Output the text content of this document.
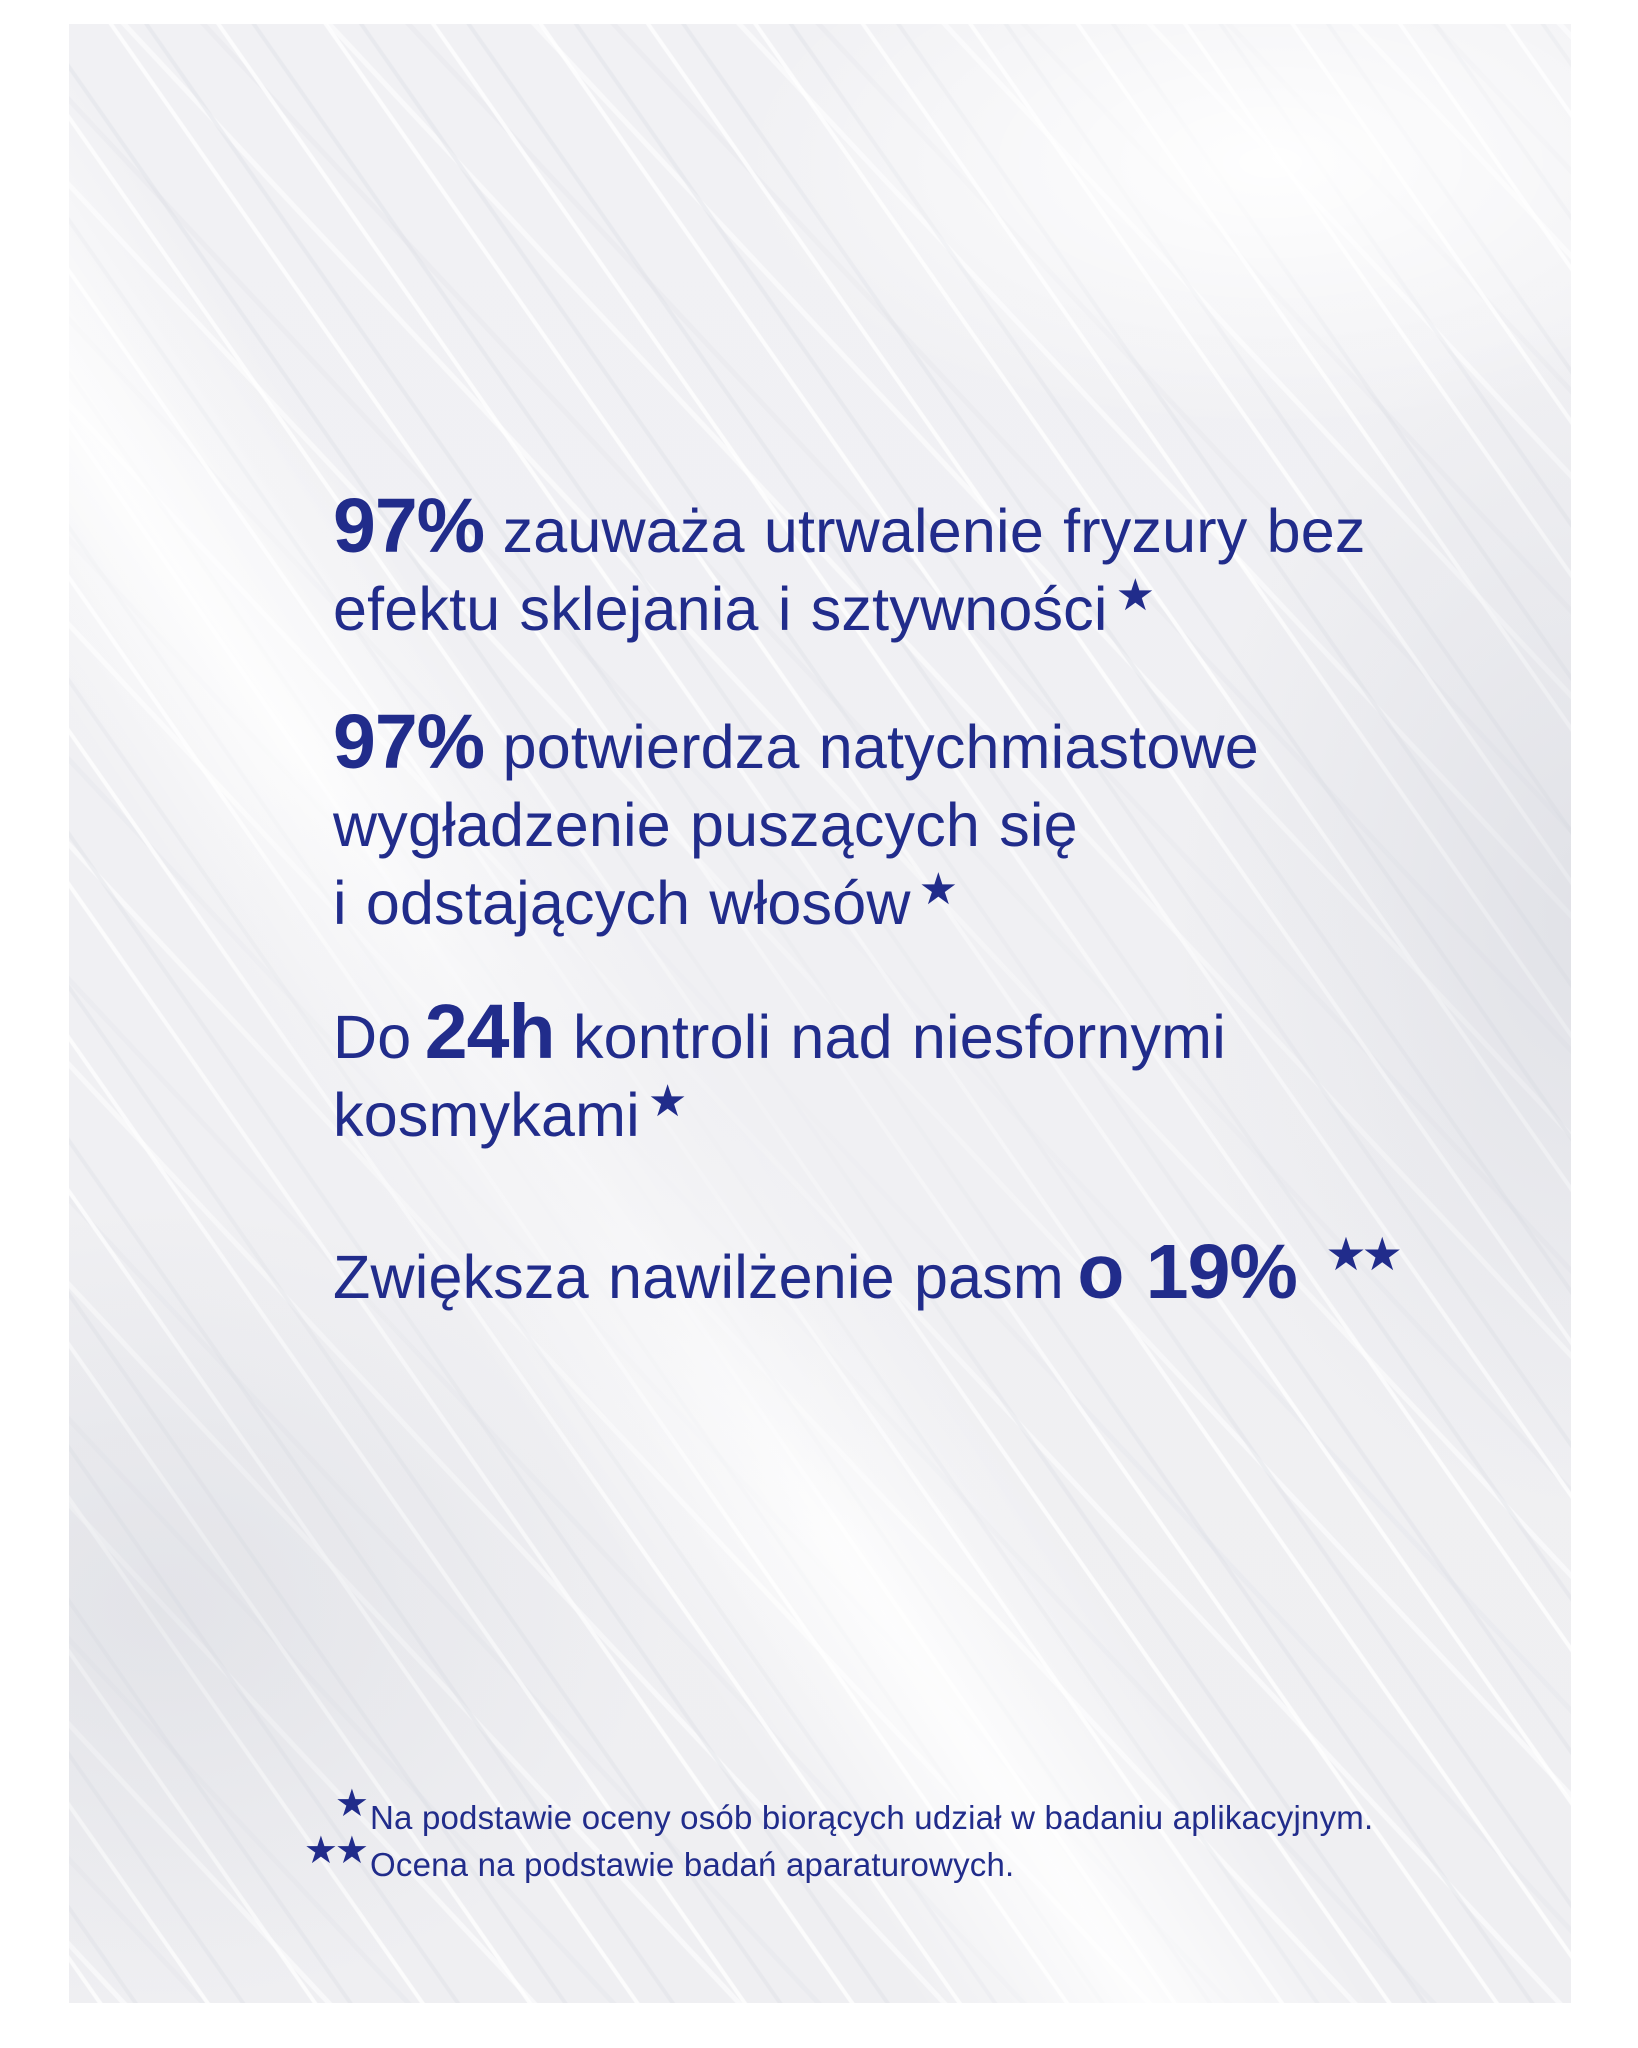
97% zauważa utrwalenie fryzury bez
efektu sklejania i sztywności ★
97% potwierdza natychmiastowe
wygładzenie puszących się
i odstających włosów ★
Do 24h kontroli nad niesfornymi
kosmykami ★
Zwiększa nawilżenie pasm o 19% ★★
★ Na podstawie oceny osób biorących udział w badaniu aplikacyjnym.
★★ Ocena na podstawie badań aparaturowych.
